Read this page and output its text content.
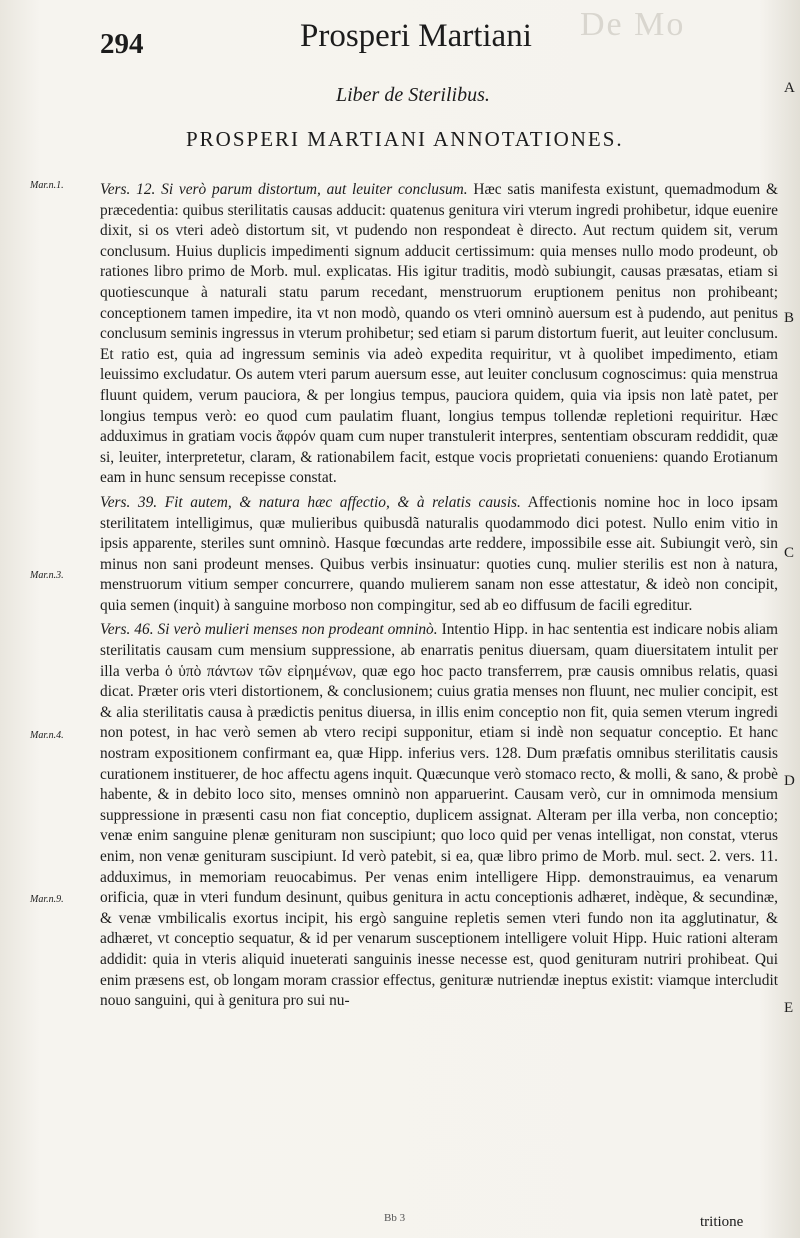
De Mo
294	Prosperi Martiani
Liber de Sterilibus.
PROSPERI MARTIANI ANNOTATIONES.
A
B
C
D
E
Mar.n.1.
Mar.n.3.
Mar.n.4.
Mar.n.9.

Vers. 12. Si verò parum distortum, aut leuiter conclusum. Hæc satis manifesta existunt, quemadmodum & præcedentia: quibus sterilitatis causas adducit: quatenus genitura viri vterum ingredi prohibetur, idque euenire dixit, si os vteri adeò distortum sit, vt pudendo non respondeat è directo. Aut rectum quidem sit, verum conclusum. Huius duplicis impedimenti signum adducit certissimum: quia menses nullo modo prodeunt, ob rationes libro primo de Morb. mul. explicatas. His igitur traditis, modò subiungit, causas præsatas, etiam si quotiescunque à naturali statu parum recedant, menstruorum eruptionem penitus non prohibeant; conceptionem tamen impedire, ita vt non modò, quando os vteri omninò auersum est à pudendo, aut penitus conclusum seminis ingressus in vterum prohibetur; sed etiam si parum distortum fuerit, aut leuiter conclusum. Et ratio est, quia ad ingressum seminis via adeò expedita requiritur, vt à quolibet impedimento, etiam leuissimo excludatur. Os autem vteri parum auersum esse, aut leuiter conclusum cognoscimus: quia menstrua fluunt quidem, verum pauciora, & per longius tempus, pauciora quidem, quia via ipsis non latè patet, per longius tempus verò: eo quod cum paulatim fluant, longius tempus tollendæ repletioni requiritur. Hæc adduximus in gratiam vocis ἄφρόν quam cum nuper transtulerit interpres, sententiam obscuram reddidit, quæ si, leuiter, interpretetur, claram, & rationabilem facit, estque vocis proprietati conueniens: quando Erotianum eam in hunc sensum recepisse constat.

Vers. 39. Fit autem, & natura hæc affectio, & à relatis causis. Affectionis nomine hoc in loco ipsam sterilitatem intelligimus, quæ mulieribus quibusdã naturalis quodammodo dici potest. Nullo enim vitio in ipsis apparente, steriles sunt omninò. Hasque fœcundas arte reddere, impossibile esse ait. Subiungit verò, sin minus non sani prodeunt menses. Quibus verbis insinuatur: quoties cunq. mulier sterilis est non à natura, menstruorum vitium semper concurrere, quando mulierem sanam non esse attestatur, & ideò non concipit, quia semen (inquit) à sanguine morboso non compingitur, sed ab eo diffusum de facili egreditur.

Vers. 46. Si verò mulieri menses non prodeant omninò. Intentio Hipp. in hac sententia est indicare nobis aliam sterilitatis causam cum mensium suppressione, ab enarratis penitus diuersam, quam diuersitatem intulit per illa verba ὁ ὑπὸ πάντων τῶν εἰρημένων, quæ ego hoc pacto transferrem, præ causis omnibus relatis, quasi dicat. Præter oris vteri distortionem, & conclusionem; cuius gratia menses non fluunt, nec mulier concipit, est & alia sterilitatis causa à prædictis penitus diuersa, in illis enim conceptio non fit, quia semen vterum ingredi non potest, in hac verò semen ab vtero recipi supponitur, etiam si indè non sequatur conceptio. Et hanc nostram expositionem confirmant ea, quæ Hipp. inferius vers. 128. Dum præfatis omnibus sterilitatis causis curationem instituerer, de hoc affectu agens inquit. Quæcunque verò stomaco recto, & molli, & sano, & probè habente, & in debito loco sito, menses omninò non apparuerint. Causam verò, cur in omnimoda mensium suppressione in præsenti casu non fiat conceptio, duplicem assignat. Alteram per illa verba, non conceptio; venæ enim sanguine plenæ genituram non suscipiunt; quo loco quid per venas intelligat, non constat, vterus enim, non venæ genituram suscipiunt. Id verò patebit, si ea, quæ libro primo de Morb. mul. sect. 2. vers. 11. adduximus, in memoriam reuocabimus. Per venas enim intelligere Hipp. demonstrauimus, ea venarum orificia, quæ in vteri fundum desinunt, quibus genitura in actu conceptionis adhæret, indèque, & secundinæ, & venæ vmbilicalis exortus incipit, his ergò sanguine repletis semen vteri fundo non ita agglutinatur, & adhæret, vt conceptio sequatur, & id per venarum susceptionem intelligere voluit Hipp. Huic rationi alteram addidit: quia in vteris aliquid inueterati sanguinis inesse necesse est, quod genituram nutriri prohibeat. Qui enim præsens est, ob longam moram crassior effectus, genituræ nutriendæ ineptus existit: viamque intercludit nouo sanguini, qui à genitura pro sui nu-

Bb 3	tritione
